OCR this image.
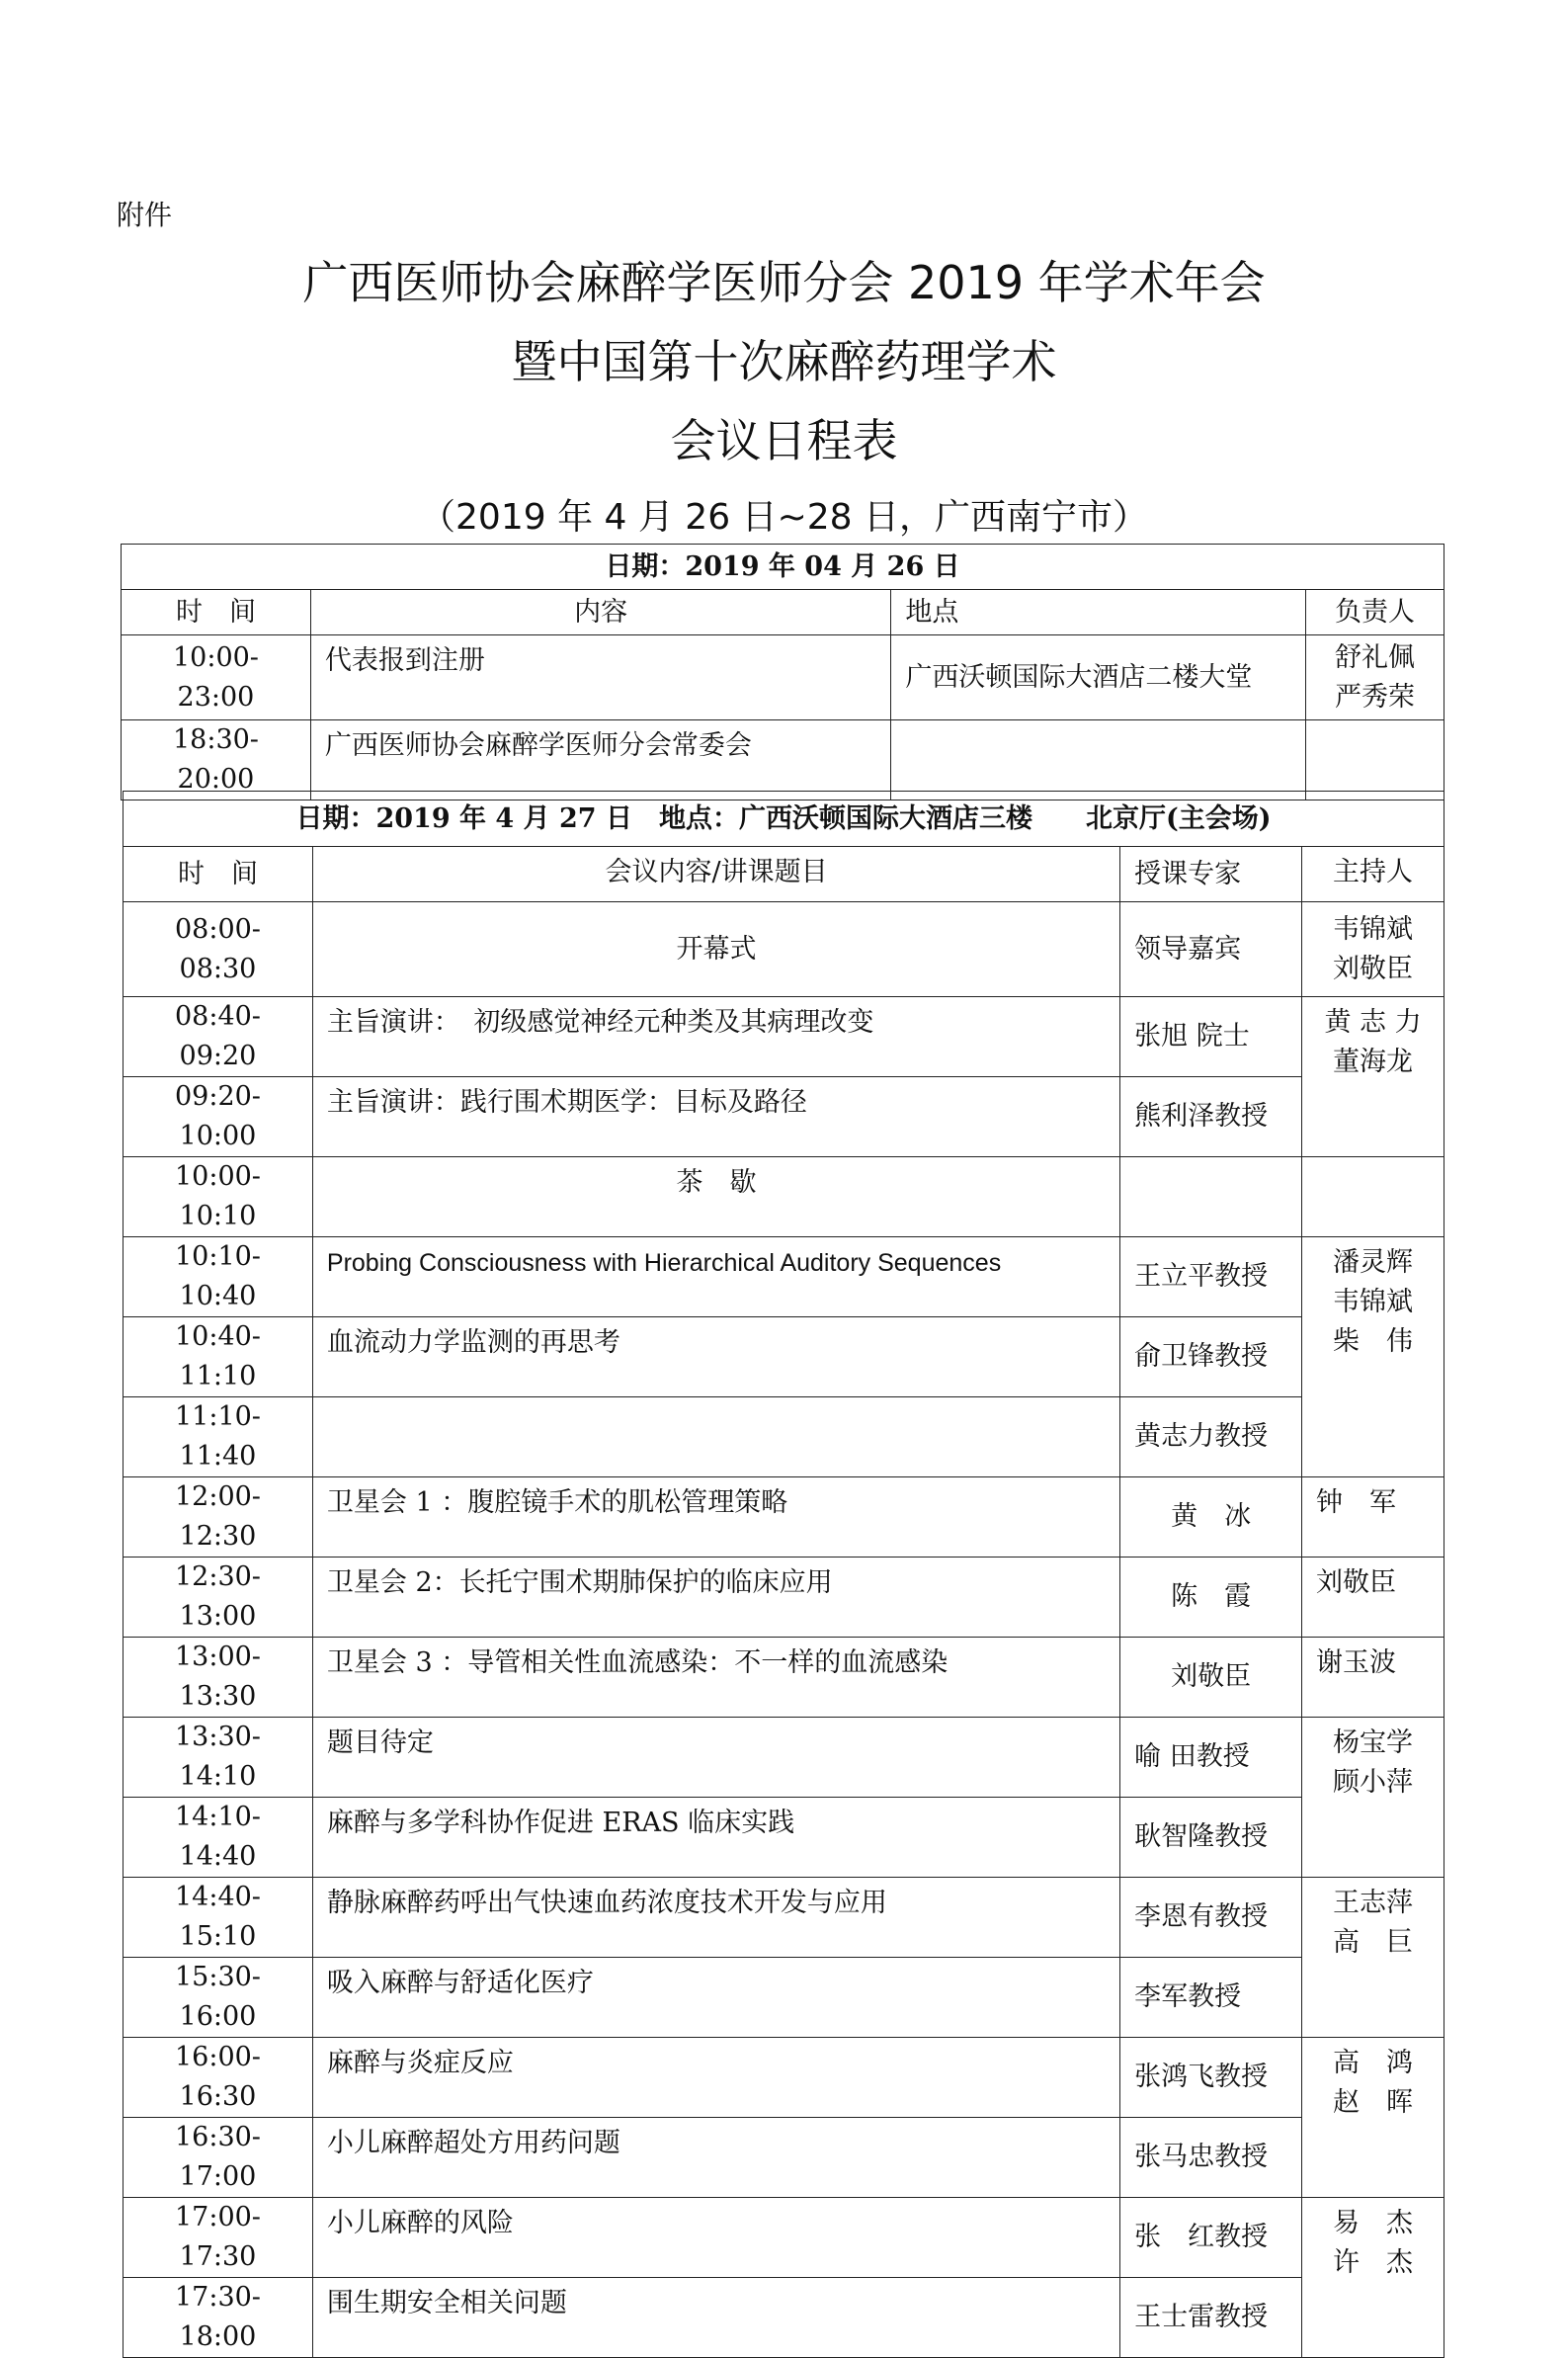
附件
广西医师协会麻醉学医师分会 2019 年学术年会
暨中国第十次麻醉药理学术
会议日程表
（2019 年 4 月 26 日~28 日，广西南宁市）
日期：2019 年 04 月 26 日			
时　间	内容	地点	负责人
10:00-23:00	代表报到注册	广西沃顿国际大酒店二楼大堂	舒礼佩
严秀荣

18:30-20:00	广西医师协会麻醉学医师分会常委会		
日期：2019 年 4 月 27 日　地点：广西沃顿国际大酒店三楼　　北京厅(主会场)			
时　间	会议内容/讲课题目	授课专家	主持人
08:00-08:30	开幕式	领导嘉宾	韦锦斌
刘敬臣
08:40-09:20	主旨演讲：　初级感觉神经元种类及其病理改变	张旭 院士	黄 志 力
董海龙
09:20-10:00	主旨演讲：践行围术期医学：目标及路径	熊利泽教授	
10:00-10:10	茶　歇		
10:10-10:40	Probing Consciousness with Hierarchical Auditory Sequences	王立平教授	潘灵辉
韦锦斌
柴　伟
10:40-11:10	血流动力学监测的再思考	俞卫锋教授	
11:10-11:40		黄志力教授	
12:00-12:30	卫星会 1 ：腹腔镜手术的肌松管理策略	黄　冰	钟　军
12:30-13:00	卫星会 2：长托宁围术期肺保护的临床应用	陈　霞	刘敬臣
13:00-13:30	卫星会 3 ：导管相关性血流感染：不一样的血流感染	刘敬臣	谢玉波
13:30-14:10	题目待定	喻 田教授	杨宝学
顾小萍
14:10-14:40	麻醉与多学科协作促进 ERAS 临床实践	耿智隆教授	
14:40-15:10	静脉麻醉药呼出气快速血药浓度技术开发与应用	李恩有教授	王志萍
高　巨
15:30-16:00	吸入麻醉与舒适化医疗	李军教授	
16:00-16:30	麻醉与炎症反应	张鸿飞教授	高　鸿
赵　晖
16:30-17:00	小儿麻醉超处方用药问题	张马忠教授	
17:00-17:30	小儿麻醉的风险	张　红教授	易　杰
许　杰
17:30-18:00	围生期安全相关问题	王士雷教授	
